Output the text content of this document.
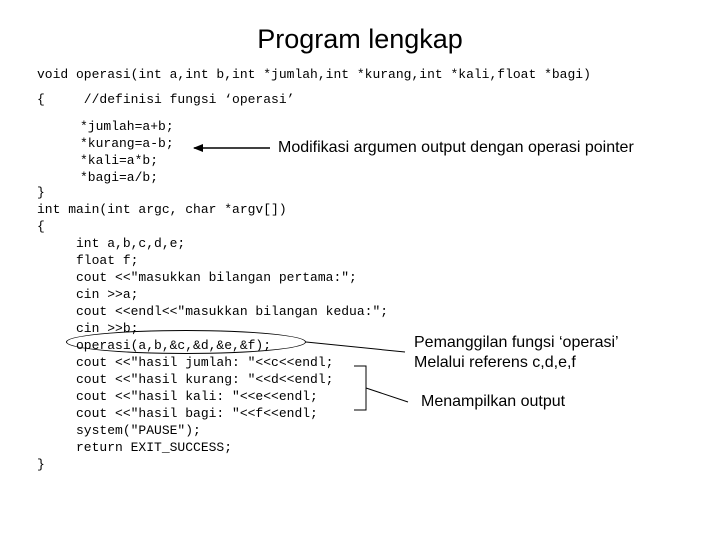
Program lengkap
void operasi(int a,int b,int *jumlah,int *kurang,int *kali,float *bagi)
{     //definisi fungsi ‘operasi’
*jumlah=a+b;
*kurang=a-b;
*kali=a*b;
*bagi=a/b;
}
int main(int argc, char *argv[])
{
int a,b,c,d,e;
float f;
cout <<"masukkan bilangan pertama:";
cin >>a;
cout <<endl<<"masukkan bilangan kedua:";
cin >>b;
operasi(a,b,&c,&d,&e,&f);
cout <<"hasil jumlah: "<<c<<endl;
cout <<"hasil kurang: "<<d<<endl;
cout <<"hasil kali: "<<e<<endl;
cout <<"hasil bagi: "<<f<<endl;
system("PAUSE");
return EXIT_SUCCESS;
}
Modifikasi argumen output dengan operasi pointer
Pemanggilan fungsi ‘operasi’
Melalui referens c,d,e,f
Menampilkan output
